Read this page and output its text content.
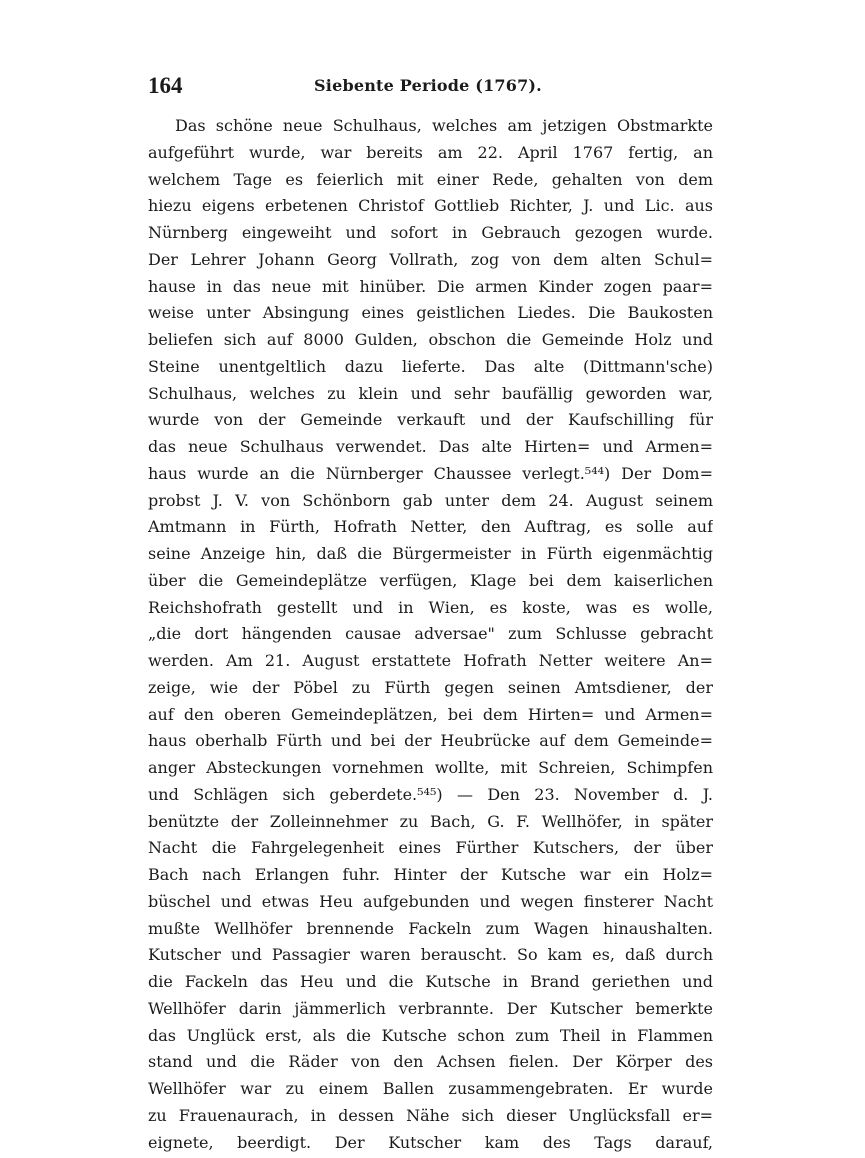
164	Siebente Periode (1767).
Das schöne neue Schulhaus, welches am jetzigen Obstmarkte
aufgeführt wurde, war bereits am 22. April 1767 fertig, an
welchem Tage es feierlich mit einer Rede, gehalten von dem
hiezu eigens erbetenen Christof Gottlieb Richter, J. und Lic. aus
Nürnberg eingeweiht und sofort in Gebrauch gezogen wurde.
Der Lehrer Johann Georg Vollrath, zog von dem alten Schul=
hause in das neue mit hinüber. Die armen Kinder zogen paar=
weise unter Absingung eines geistlichen Liedes. Die Baukosten
beliefen sich auf 8000 Gulden, obschon die Gemeinde Holz und
Steine unentgeltlich dazu lieferte. Das alte (Dittmann'sche)
Schulhaus, welches zu klein und sehr baufällig geworden war,
wurde von der Gemeinde verkauft und der Kaufschilling für
das neue Schulhaus verwendet. Das alte Hirten= und Armen=
haus wurde an die Nürnberger Chaussee verlegt.⁵⁴⁴) Der Dom=
probst J. V. von Schönborn gab unter dem 24. August seinem
Amtmann in Fürth, Hofrath Netter, den Auftrag, es solle auf
seine Anzeige hin, daß die Bürgermeister in Fürth eigenmächtig
über die Gemeindeplätze verfügen, Klage bei dem kaiserlichen
Reichshofrath gestellt und in Wien, es koste, was es wolle,
„die dort hängenden causae adversae" zum Schlusse gebracht
werden. Am 21. August erstattete Hofrath Netter weitere An=
zeige, wie der Pöbel zu Fürth gegen seinen Amtsdiener, der
auf den oberen Gemeindeplätzen, bei dem Hirten= und Armen=
haus oberhalb Fürth und bei der Heubrücke auf dem Gemeinde=
anger Absteckungen vornehmen wollte, mit Schreien, Schimpfen
und Schlägen sich geberdete.⁵⁴⁵) — Den 23. November d. J.
benützte der Zolleinnehmer zu Bach, G. F. Wellhöfer, in später
Nacht die Fahrgelegenheit eines Fürther Kutschers, der über
Bach nach Erlangen fuhr. Hinter der Kutsche war ein Holz=
büschel und etwas Heu aufgebunden und wegen finsterer Nacht
mußte Wellhöfer brennende Fackeln zum Wagen hinaushalten.
Kutscher und Passagier waren berauscht. So kam es, daß durch
die Fackeln das Heu und die Kutsche in Brand geriethen und
Wellhöfer darin jämmerlich verbrannte. Der Kutscher bemerkte
das Unglück erst, als die Kutsche schon zum Theil in Flammen
stand und die Räder von den Achsen fielen. Der Körper des
Wellhöfer war zu einem Ballen zusammengebraten. Er wurde
zu Frauenaurach, in dessen Nähe sich dieser Unglücksfall er=
eignete, beerdigt. Der Kutscher kam des Tags darauf,
